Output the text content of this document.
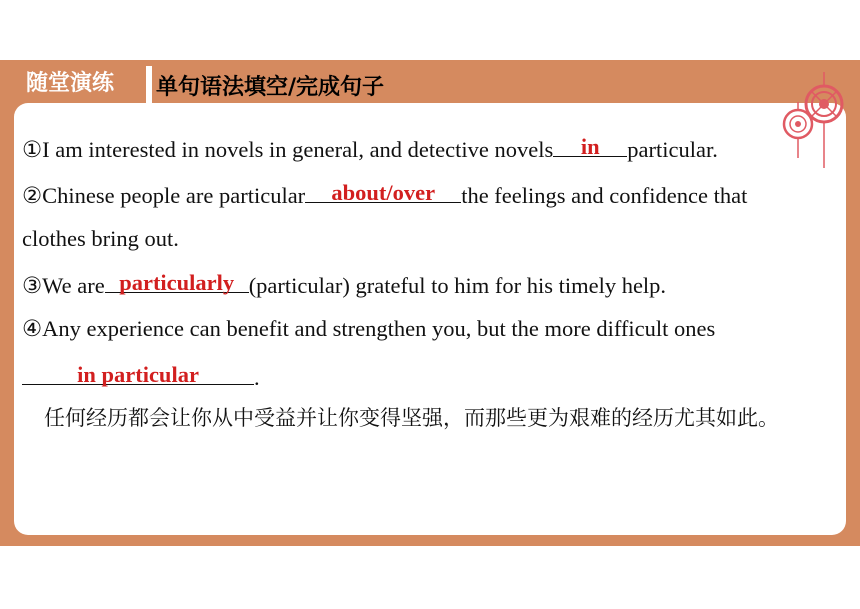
随堂演练	单句语法填空/完成句子
①I am interested in novels in general, and detective novels	in	particular.
②Chinese people are particular	about/over	the feelings and confidence that
clothes bring out.
③We are particularly (particular) grateful to him for his timely help.
④Any experience can benefit and strengthen you, but the more difficult ones
in particular	.
任何经历都会让你从中受益并让你变得坚强，而那些更为艰难的经历尤其如此。
